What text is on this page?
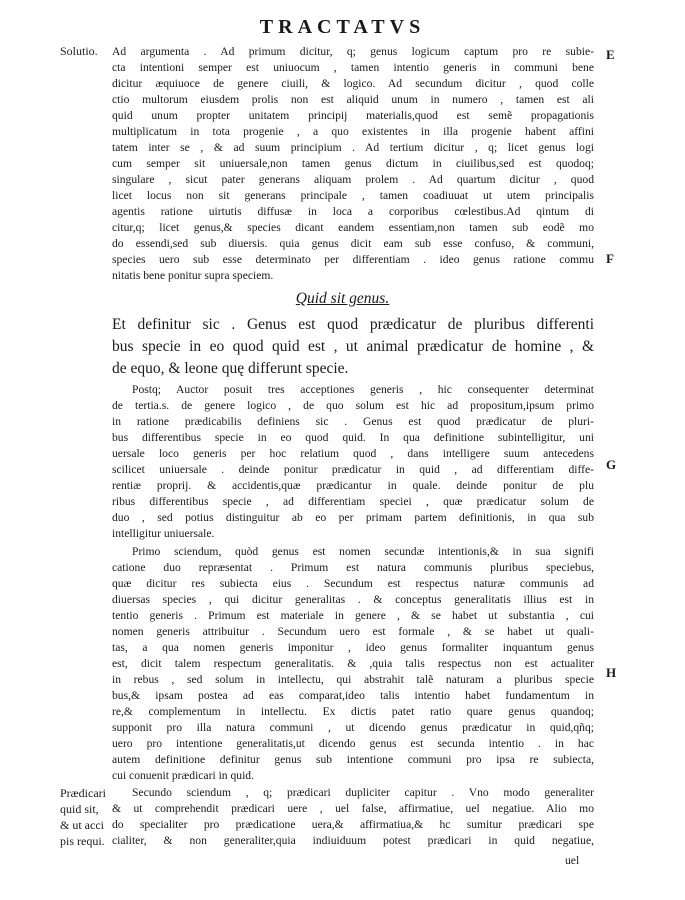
TRACTATVS
Solutio.	E
F
G
H
Ad argumenta . Ad primum dicitur, q; genus logicum captum pro re subie-
cta intentioni semper est uniuocum , tamen intentio generis in communi bene
dicitur æquiuoce de genere ciuili, & logico. Ad secundum dicitur , quod colle
ctio multorum eiusdem prolis non est aliquid unum in numero , tamen est ali
quid unum propter unitatem principij materialis,quod est semẽ propagationis
multiplicatum in tota progenie , a quo existentes in illa progenie habent affini
tatem inter se , & ad suum principium . Ad tertium dicitur , q; licet genus logi
cum semper sit uniuersale,non tamen genus dictum in ciuilibus,sed est quodoq;
singulare , sicut pater generans aliquam prolem . Ad quartum dicitur , quod
licet locus non sit generans principale , tamen coadiuuat ut utem principalis
agentis ratione uirtutis diffusæ in loca a corporibus cœlestibus.Ad qintum di
citur,q; licet genus,& species dicant eandem essentiam,non tamen sub eodẽ mo
do essendi,sed sub diuersis. quia genus dicit eam sub esse confuso, & communi,
species uero sub esse determinato per differentiam . ideo genus ratione commu
nitatis bene ponitur supra speciem.
Quid sit genus.
Et definitur sic . Genus est quod prædicatur de pluribus differenti
bus specie in eo quod quid est , ut animal prædicatur de homine , &
de equo, & leone quę differunt specie.
Postq; Auctor posuit tres acceptiones generis , hic consequenter determinat
de tertia.s. de genere logico , de quo solum est hic ad propositum,ipsum primo
in ratione prædicabilis definiens sic . Genus est quod prædicatur de pluri-
bus differentibus specie in eo quod quid. In qua definitione subintelligitur, uni
uersale loco generis per hoc relatium quod , dans intelligere suum antecedens
scilicet uniuersale . deinde ponitur prædicatur in quid , ad differentiam diffe-
rentiæ proprij. & accidentis,quæ prædicantur in quale. deinde ponitur de plu
ribus differentibus specie , ad differentiam speciei , quæ prædicatur solum de
duo , sed potius distinguitur ab eo per primam partem definitionis, in qua sub
intelligitur uniuersale.
Primo sciendum, quòd genus est nomen secundæ intentionis,& in sua signifi
catione duo repræsentat . Primum est natura communis pluribus speciebus,
quæ dicitur res subiecta eius . Secundum est respectus naturæ communis ad
diuersas species , qui dicitur generalitas . & conceptus generalitatis illius est in
tentio generis . Primum est materiale in genere , & se habet ut substantia , cui
nomen generis attribuitur . Secundum uero est formale , & se habet ut quali-
tas, a qua nomen generis imponitur , ideo genus formaliter inquantum genus
est, dicit talem respectum generalitatis. & ,quia talis respectus non est actualiter
in rebus , sed solum in intellectu, qui abstrahit talẽ naturam a pluribus specie
bus,& ipsam postea ad eas comparat,ideo talis intentio habet fundamentum in
re,& complementum in intellectu. Ex dictis patet ratio quare genus quandoq;
supponit pro illa natura communi , ut dicendo genus prædicatur in quid,qñq;
uero pro intentione generalitatis,ut dicendo genus est secunda intentio . in hac
autem definitione definitur genus sub intentione communi pro ipsa re subiecta,
cui conuenit prædicari in quid.
Prædicari
quid sit,
& ut acci
pis requi.
Secundo sciendum , q; prædicari dupliciter capitur . Vno modo generaliter
& ut comprehendit prædicari uere , uel false, affirmatiue, uel negatiue. Alio mo
do specialiter pro prædicatione uera,& affirmatiua,& hc sumitur prædicari spe
cialiter, & non generaliter,quia indiuiduum potest prædicari in quid negatiue,
uel
